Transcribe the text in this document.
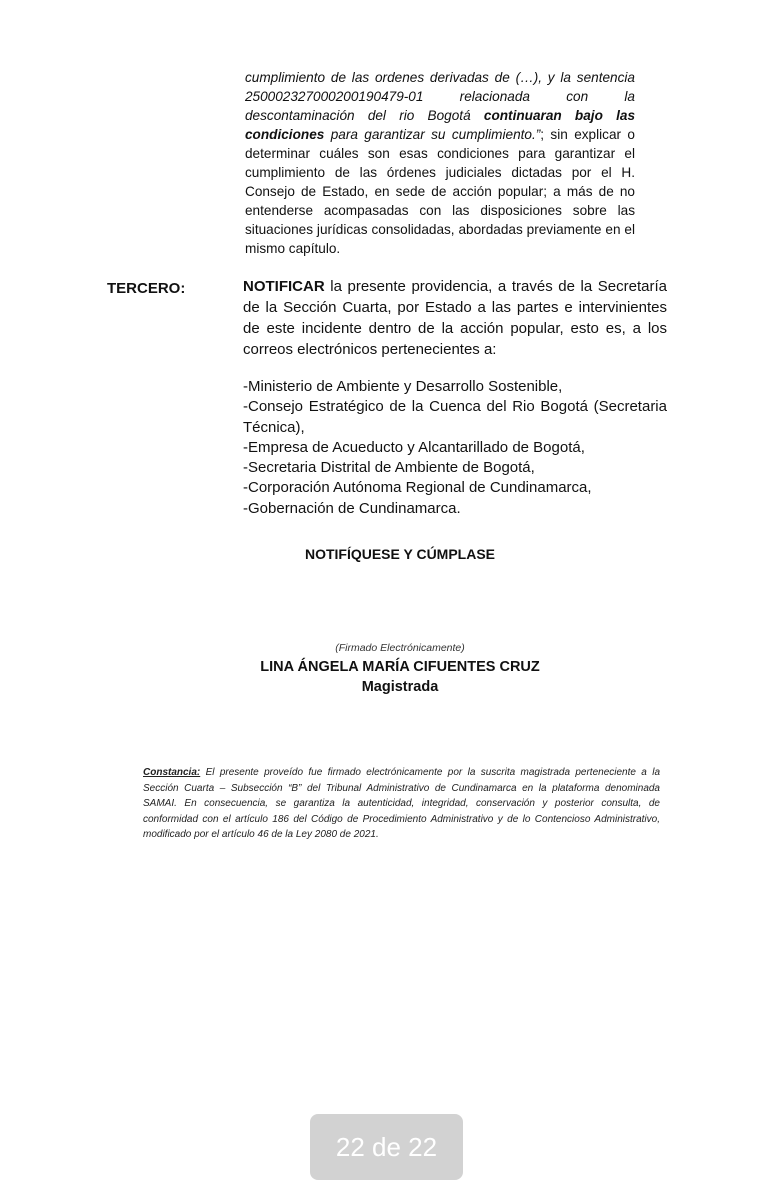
cumplimiento de las ordenes derivadas de (…), y la sentencia 250002327000200190479-01 relacionada con la descontaminación del rio Bogotá continuaran bajo las condiciones para garantizar su cumplimiento.”; sin explicar o determinar cuáles son esas condiciones para garantizar el cumplimiento de las órdenes judiciales dictadas por el H. Consejo de Estado, en sede de acción popular; a más de no entenderse acompasadas con las disposiciones sobre las situaciones jurídicas consolidadas, abordadas previamente en el mismo capítulo.

TERCERO:	NOTIFICAR la presente providencia, a través de la Secretaría de la Sección Cuarta, por Estado a las partes e intervinientes de este incidente dentro de la acción popular, esto es, a los correos electrónicos pertenecientes a:

-Ministerio de Ambiente y Desarrollo Sostenible,
-Consejo Estratégico de la Cuenca del Rio Bogotá (Secretaria Técnica),
-Empresa de Acueducto y Alcantarillado de Bogotá,
-Secretaria Distrital de Ambiente de Bogotá,
-Corporación Autónoma Regional de Cundinamarca,
-Gobernación de Cundinamarca.
NOTIFÍQUESE Y CÚMPLASE
(Firmado Electrónicamente)
LINA ÁNGELA MARÍA CIFUENTES CRUZ
Magistrada
Constancia: El presente proveído fue firmado electrónicamente por la suscrita magistrada perteneciente a la Sección Cuarta – Subsección “B” del Tribunal Administrativo de Cundinamarca en la plataforma denominada SAMAI. En consecuencia, se garantiza la autenticidad, integridad, conservación y posterior consulta, de conformidad con el artículo 186 del Código de Procedimiento Administrativo y de lo Contencioso Administrativo, modificado por el artículo 46 de la Ley 2080 de 2021.
22 de 22
